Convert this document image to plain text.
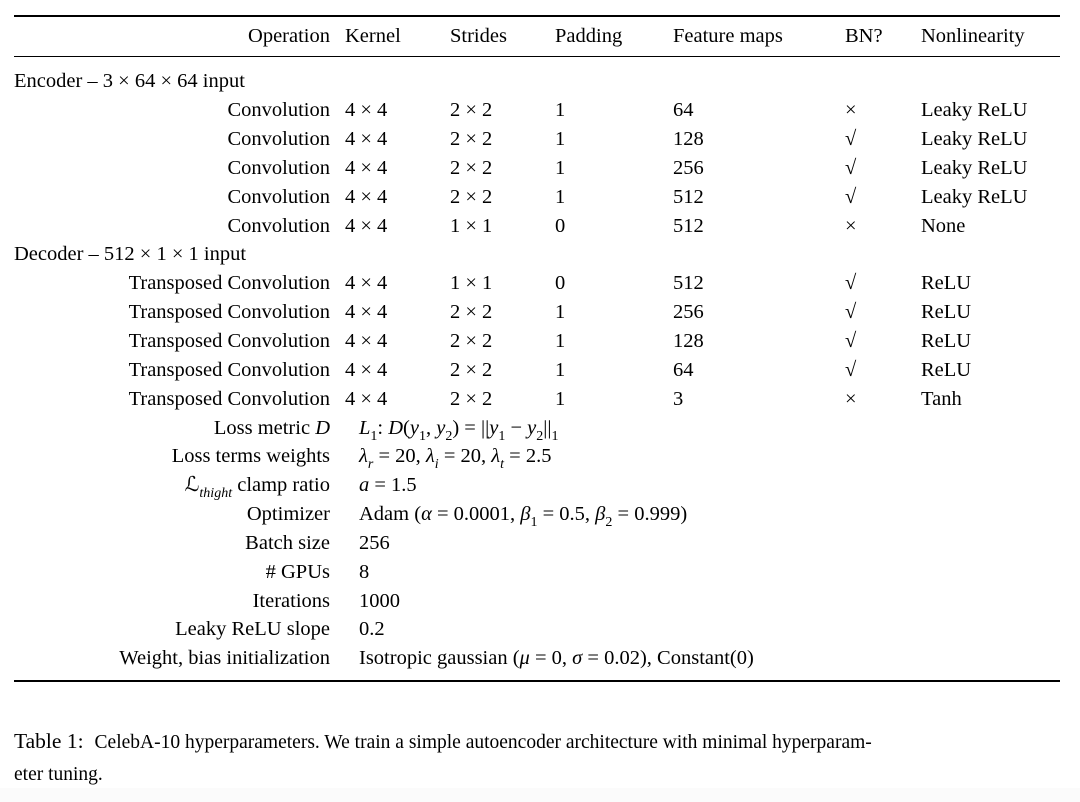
Operation Kernel	Strides	Padding	Feature maps	BN?	Nonlinearity
Encoder – 3 × 64 × 64 input
Convolution 4 × 4	2 × 2	1	64	×	Leaky ReLU
Convolution 4 × 4	2 × 2	1	128	√	Leaky ReLU
Convolution 4 × 4	2 × 2	1	256	√	Leaky ReLU
Convolution 4 × 4	2 × 2	1	512	√	Leaky ReLU
Convolution 4 × 4	1 × 1	0	512	×	None
Decoder – 512 × 1 × 1 input
Transposed Convolution 4 × 4	1 × 1	0	512	√	ReLU
Transposed Convolution 4 × 4	2 × 2	1	256	√	ReLU
Transposed Convolution 4 × 4	2 × 2	1	128	√	ReLU
Transposed Convolution 4 × 4	2 × 2	1	64	√	ReLU
Transposed Convolution 4 × 4	2 × 2	1	3	×	Tanh
Loss metric D	$L_1$: $D(y_1$, $y_2) = ||y_1 - y_2||_1$
Loss terms weights	$\lambda_r = 20$, $\lambda_i = 20$, $\lambda_t = 2.5$
ℒ$_{thight}$ clamp ratio	a = 1.5
Optimizer	Adam (α = 0.0001, $\beta_1 = 0.5$, $\beta_2 = 0.999$)
Batch size	256
# GPUs	8
Iterations	1000
Leaky ReLU slope	0.2
Weight, bias initialization	Isotropic gaussian (μ = 0, σ = 0.02), Constant(0)
Table 1: CelebA-10 hyperparameters. We train a simple autoencoder architecture with minimal hyperparam-
eter tuning.
